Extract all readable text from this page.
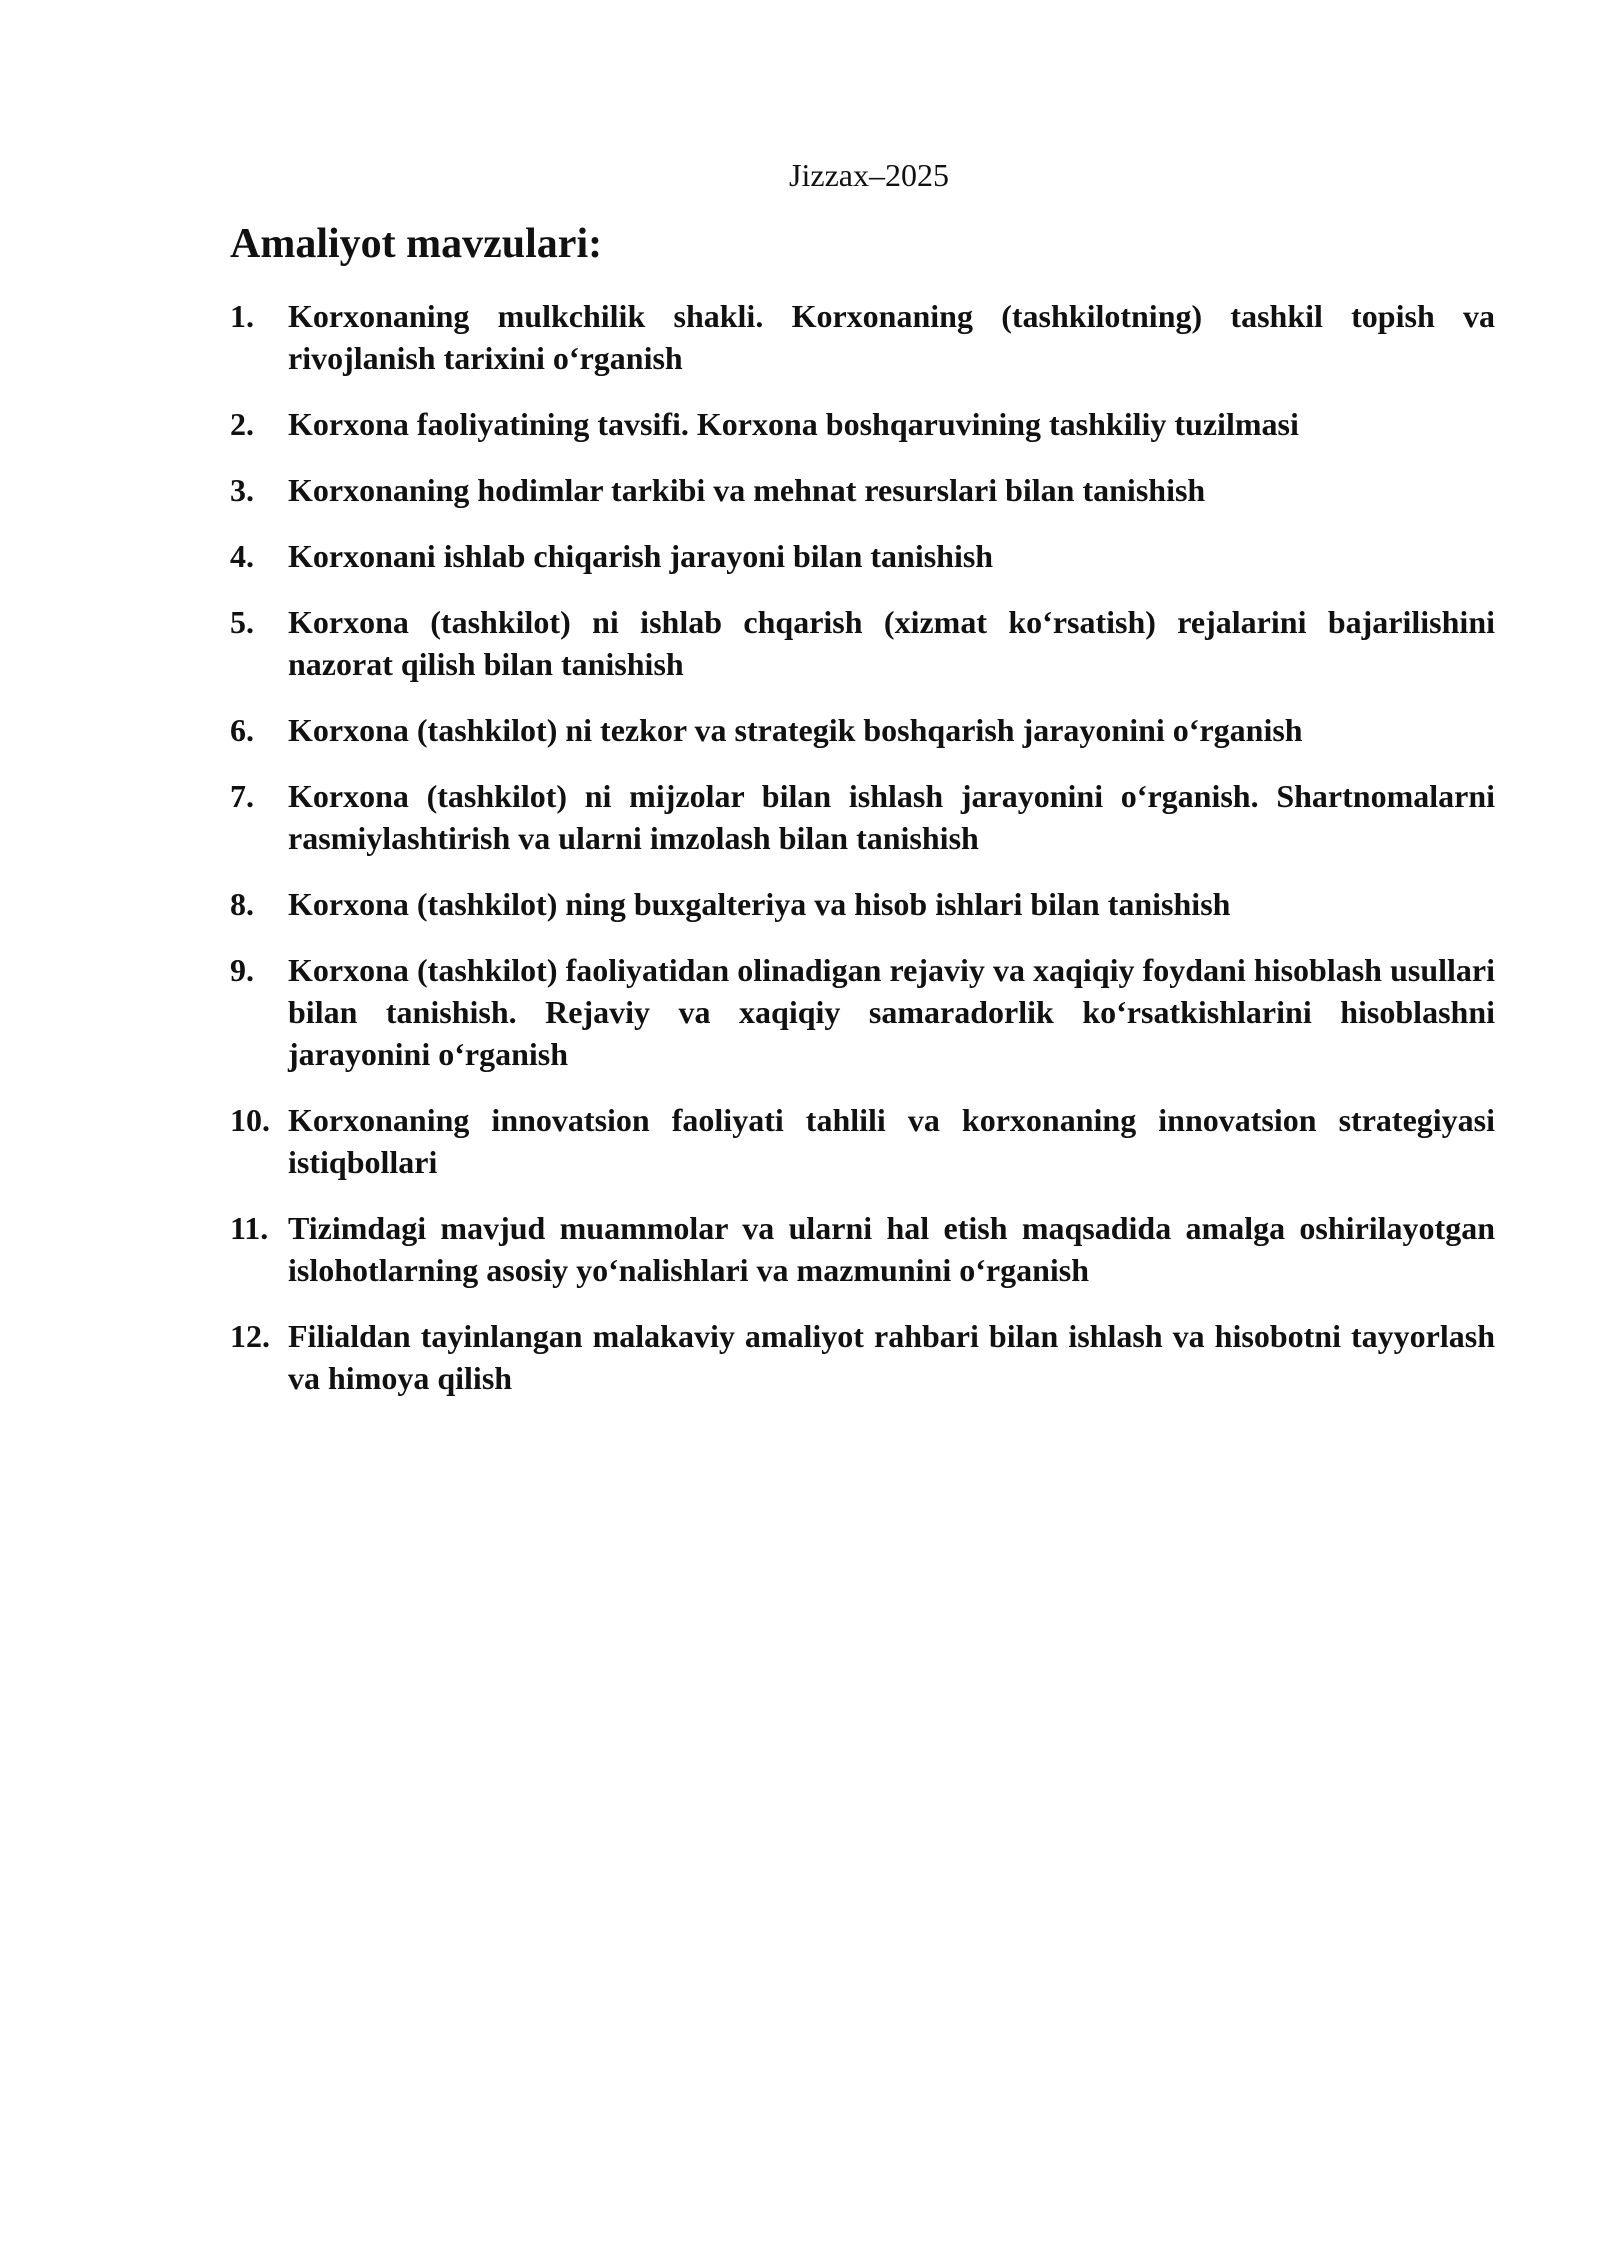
Jizzax–2025
Amaliyot mavzulari:
1.	Korxonaning mulkchilik shakli. Korxonaning (tashkilotning) tashkil topish va rivojlanish tarixini oʻrganish
2.	Korxona faoliyatining tavsifi. Korxona boshqaruvining tashkiliy tuzilmasi
3.	Korxonaning hodimlar tarkibi va mehnat resurslari bilan tanishish
4.	Korxonani ishlab chiqarish jarayoni bilan tanishish
5.	Korxona (tashkilot) ni ishlab chqarish (xizmat koʻrsatish) rejalarini bajarilishini nazorat qilish bilan tanishish
6.	Korxona (tashkilot) ni tezkor va strategik boshqarish jarayonini oʻrganish
7.	Korxona (tashkilot) ni mijzolar bilan ishlash jarayonini oʻrganish. Shartnomalarni rasmiylashtirish va ularni imzolash bilan tanishish
8.	Korxona (tashkilot) ning buxgalteriya va hisob ishlari bilan tanishish
9.	Korxona (tashkilot) faoliyatidan olinadigan rejaviy va xaqiqiy foydani hisoblash usullari bilan tanishish. Rejaviy va xaqiqiy samaradorlik koʻrsatkishlarini hisoblashni jarayonini oʻrganish
10. Korxonaning innovatsion faoliyati tahlili va korxonaning innovatsion strategiyasi istiqbollari
11. Tizimdagi mavjud muammolar va ularni hal etish maqsadida amalga oshirilayotgan islohotlarning asosiy yoʻnalishlari va mazmunini oʻrganish
12. Filialdan tayinlangan malakaviy amaliyot rahbari bilan ishlash va hisobotni tayyorlash va himoya qilish
